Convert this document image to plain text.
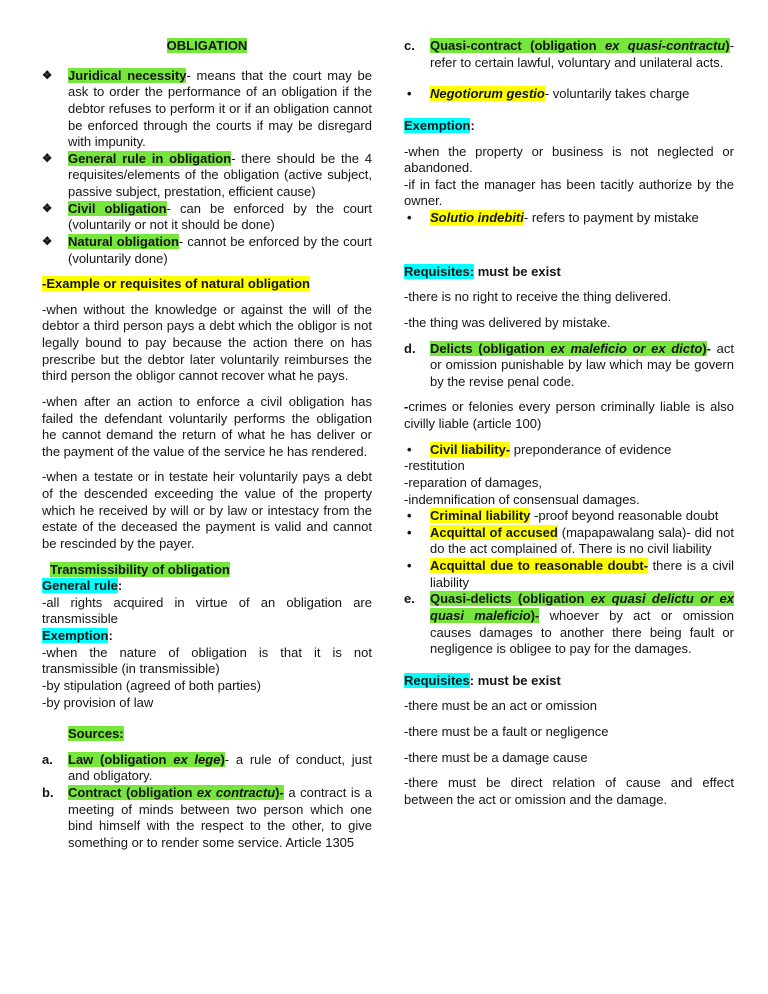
OBLIGATION
❖	Juridical necessity- means that the court may be ask to order the performance of an obligation if the debtor refuses to perform it or if an obligation cannot be enforced through the courts if may be disregard with impunity.
❖	General rule in obligation- there should be the 4 requisites/elements of the obligation (active subject, passive subject, prestation, efficient cause)
❖	Civil obligation- can be enforced by the court (voluntarily or not it should be done)
❖	Natural obligation- cannot be enforced by the court (voluntarily done)
-Example or requisites of natural obligation
-when without the knowledge or against the will of the debtor a third person pays a debt which the obligor is not legally bound to pay because the action there on has prescribe but the debtor later voluntarily reimburses the third person the obligor cannot recover what he pays.
-when after an action to enforce a civil obligation has failed the defendant voluntarily performs the obligation he cannot demand the return of what he has deliver or the payment of the value of the service he has rendered.
-when a testate or in testate heir voluntarily pays a debt of the descended exceeding the value of the property which he received by will or by law or intestacy from the estate of the deceased the payment is valid and cannot be rescinded by the payer.
Transmissibility of obligation
General rule:
-all rights acquired in virtue of an obligation are transmissible
Exemption:
-when the nature of obligation is that it is not transmissible (in transmissible)
-by stipulation (agreed of both parties)
-by provision of law
Sources:
a.	Law (obligation ex lege)- a rule of conduct, just and obligatory.
b.	Contract (obligation ex contractu)- a contract is a meeting of minds between two person which one bind himself with the respect to the other, to give something or to render some service. Article 1305
c.	Quasi-contract (obligation ex quasi-contractu)- refer to certain lawful, voluntary and unilateral acts.
•	Negotiorum gestio- voluntarily takes charge
Exemption:
-when the property or business is not neglected or abandoned.
-if in fact the manager has been tacitly authorize by the owner.
•	Solutio indebiti- refers to payment by mistake
Requisites: must be exist
-there is no right to receive the thing delivered.
-the thing was delivered by mistake.
d.	Delicts (obligation ex maleficio or ex dicto)- act or omission punishable by law which may be govern by the revise penal code.
-crimes or felonies every person criminally liable is also civilly liable (article 100)
•	Civil liability- preponderance of evidence
-restitution
-reparation of damages,
-indemnification of consensual damages.
•	Criminal liability -proof beyond reasonable doubt
•	Acquittal of accused (mapapawalang sala)- did not do the act complained of. There is no civil liability
•	Acquittal due to reasonable doubt- there is a civil liability
e.	Quasi-delicts (obligation ex quasi delictu or ex quasi maleficio)- whoever by act or omission causes damages to another there being fault or negligence is obligee to pay for the damages.
Requisites: must be exist
-there must be an act or omission
-there must be a fault or negligence
-there must be a damage cause
-there must be direct relation of cause and effect between the act or omission and the damage.
